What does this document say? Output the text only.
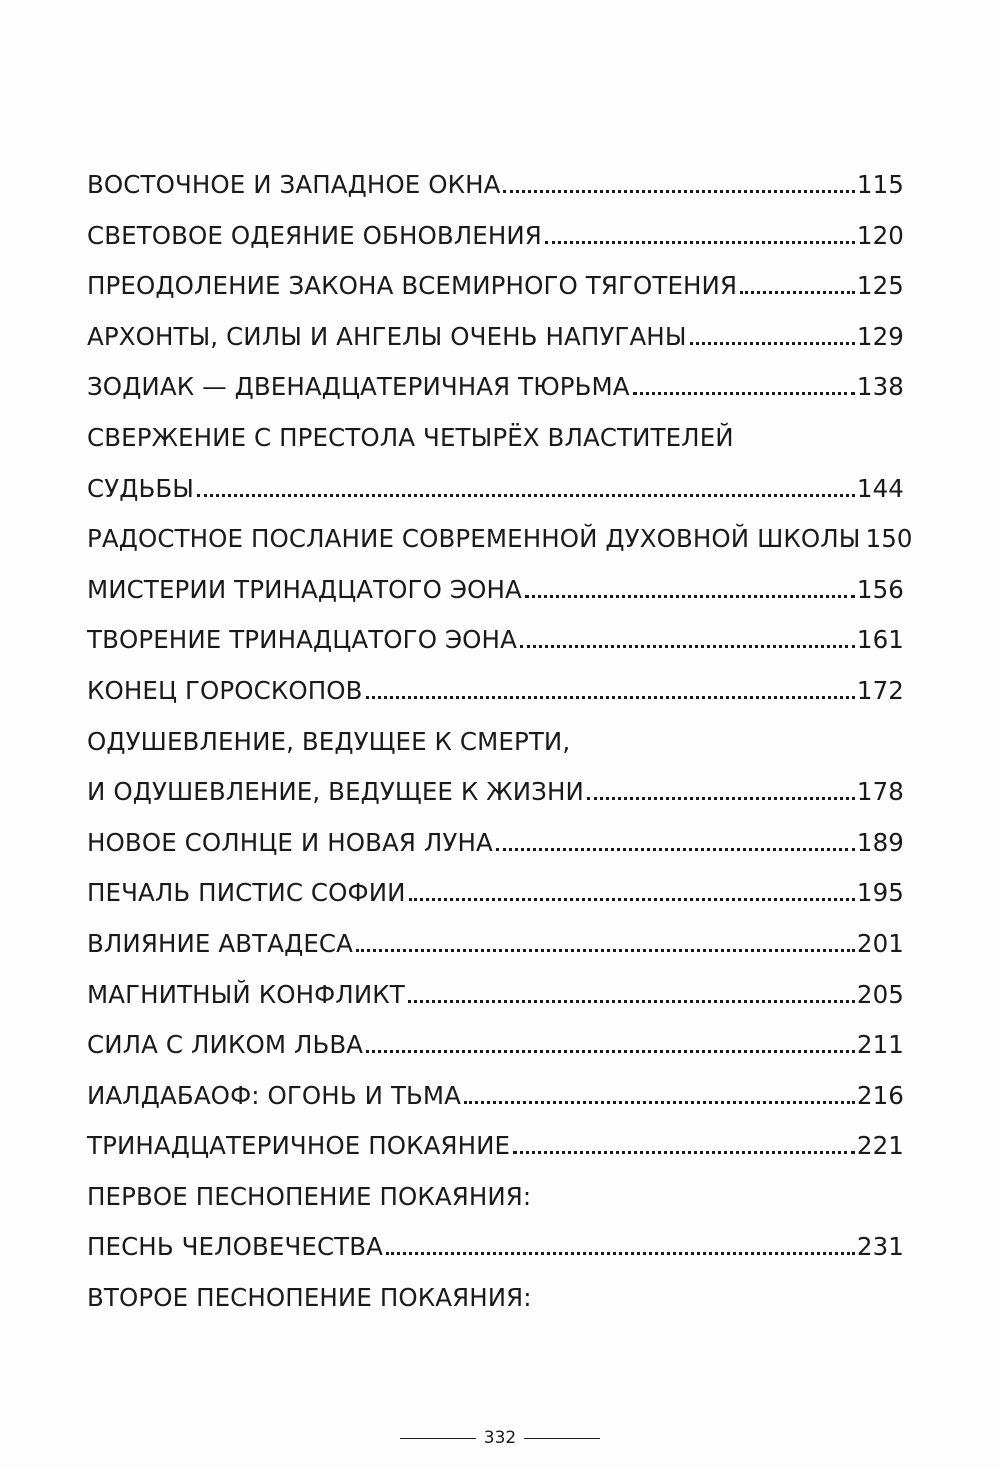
ВОСТОЧНОЕ И ЗАПАДНОЕ ОКНА	115
СВЕТОВОЕ ОДЕЯНИЕ ОБНОВЛЕНИЯ	120
ПРЕОДОЛЕНИЕ ЗАКОНА ВСЕМИРНОГО ТЯГОТЕНИЯ	125
АРХОНТЫ, СИЛЫ И АНГЕЛЫ ОЧЕНЬ НАПУГАНЫ	129
ЗОДИАК — ДВЕНАДЦАТЕРИЧНАЯ ТЮРЬМА	138
СВЕРЖЕНИЕ С ПРЕСТОЛА ЧЕТЫРЁХ ВЛАСТИТЕЛЕЙ
СУДЬБЫ	144
РАДОСТНОЕ ПОСЛАНИЕ СОВРЕМЕННОЙ ДУХОВНОЙ ШКОЛЫ 150
МИСТЕРИИ ТРИНАДЦАТОГО ЭОНА	156
ТВОРЕНИЕ ТРИНАДЦАТОГО ЭОНА	161
КОНЕЦ ГОРОСКОПОВ	172
ОДУШЕВЛЕНИЕ, ВЕДУЩЕЕ К СМЕРТИ,
И ОДУШЕВЛЕНИЕ, ВЕДУЩЕЕ К ЖИЗНИ	178
НОВОЕ СОЛНЦЕ И НОВАЯ ЛУНА	189
ПЕЧАЛЬ ПИСТИС СОФИИ	195
ВЛИЯНИЕ АВТАДЕСА	201
МАГНИТНЫЙ КОНФЛИКТ	205
СИЛА С ЛИКОМ ЛЬВА	211
ИАЛДАБАОФ: ОГОНЬ И ТЬМА	216
ТРИНАДЦАТЕРИЧНОЕ ПОКАЯНИЕ	221
ПЕРВОЕ ПЕСНОПЕНИЕ ПОКАЯНИЯ:
ПЕСНЬ ЧЕЛОВЕЧЕСТВА	231
ВТОРОЕ ПЕСНОПЕНИЕ ПОКАЯНИЯ:
332
